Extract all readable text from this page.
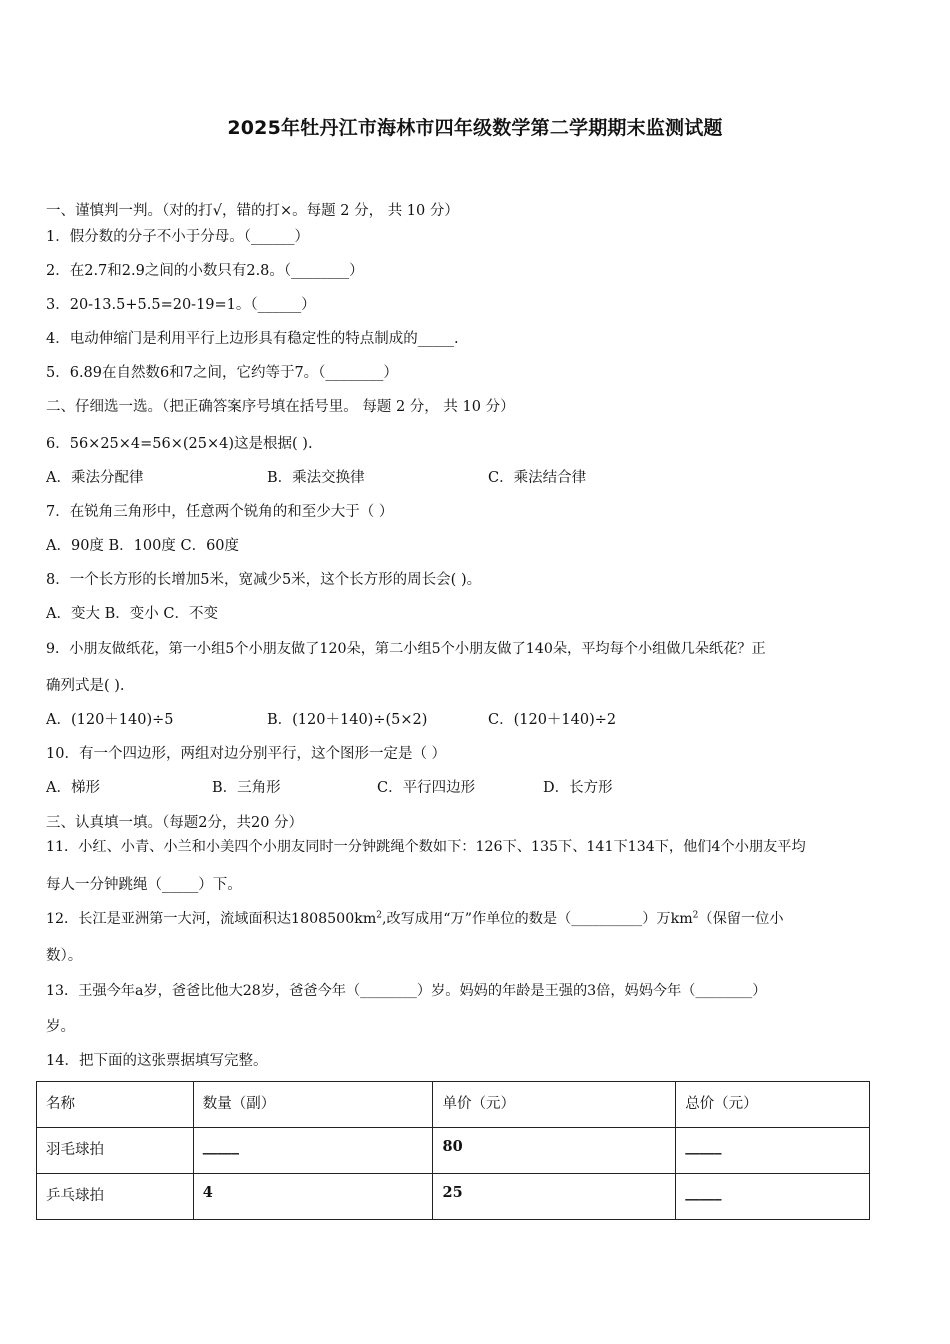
2025年牡丹江市海林市四年级数学第二学期期末监测试题
一、谨慎判一判。（对的打√，错的打×。每题 2 分， 共 10 分）
1．假分数的分子不小于分母。（______）
2．在2.7和2.9之间的小数只有2.8。（________）
3．20-13.5+5.5=20-19=1。（______）
4．电动伸缩门是利用平行上边形具有稳定性的特点制成的_____.
5．6.89在自然数6和7之间，它约等于7。（________）
二、仔细选一选。（把正确答案序号填在括号里。 每题 2 分， 共 10 分）
6．56×25×4=56×(25×4)这是根据( ).
A．乘法分配律	B．乘法交换律	C．乘法结合律
7．在锐角三角形中，任意两个锐角的和至少大于（ ）
A．90度 B．100度 C．60度
8．一个长方形的长增加5米，宽减少5米，这个长方形的周长会( )。
A．变大 B．变小 C．不变
9．小朋友做纸花，第一小组5个小朋友做了120朵，第二小组5个小朋友做了140朵，平均每个小组做几朵纸花？正
确列式是( ).
A．(120＋140)÷5	B．(120＋140)÷(5×2)	C．(120＋140)÷2
10．有一个四边形，两组对边分别平行，这个图形一定是（ ）
A．梯形	B．三角形	C．平行四边形	D．长方形
三、认真填一填。（每题2分，共20 分）
11．小红、小青、小兰和小美四个小朋友同时一分钟跳绳个数如下：126下、135下、141下134下，他们4个小朋友平均
每人一分钟跳绳（_____）下。
12．长江是亚洲第一大河，流域面积达$1808500km^2$,改写成用“万”作单位的数是（__________）万$km^2$（保留一位小
数）。
13．王强今年a岁，爸爸比他大28岁，爸爸今年（________）岁。妈妈的年龄是王强的3倍，妈妈今年（________）
岁。
14．把下面的这张票据填写完整。
名称	数量（副）	单价（元）	总价（元）
羽毛球拍	_____	80	_____
乒乓球拍	4	25	_____
